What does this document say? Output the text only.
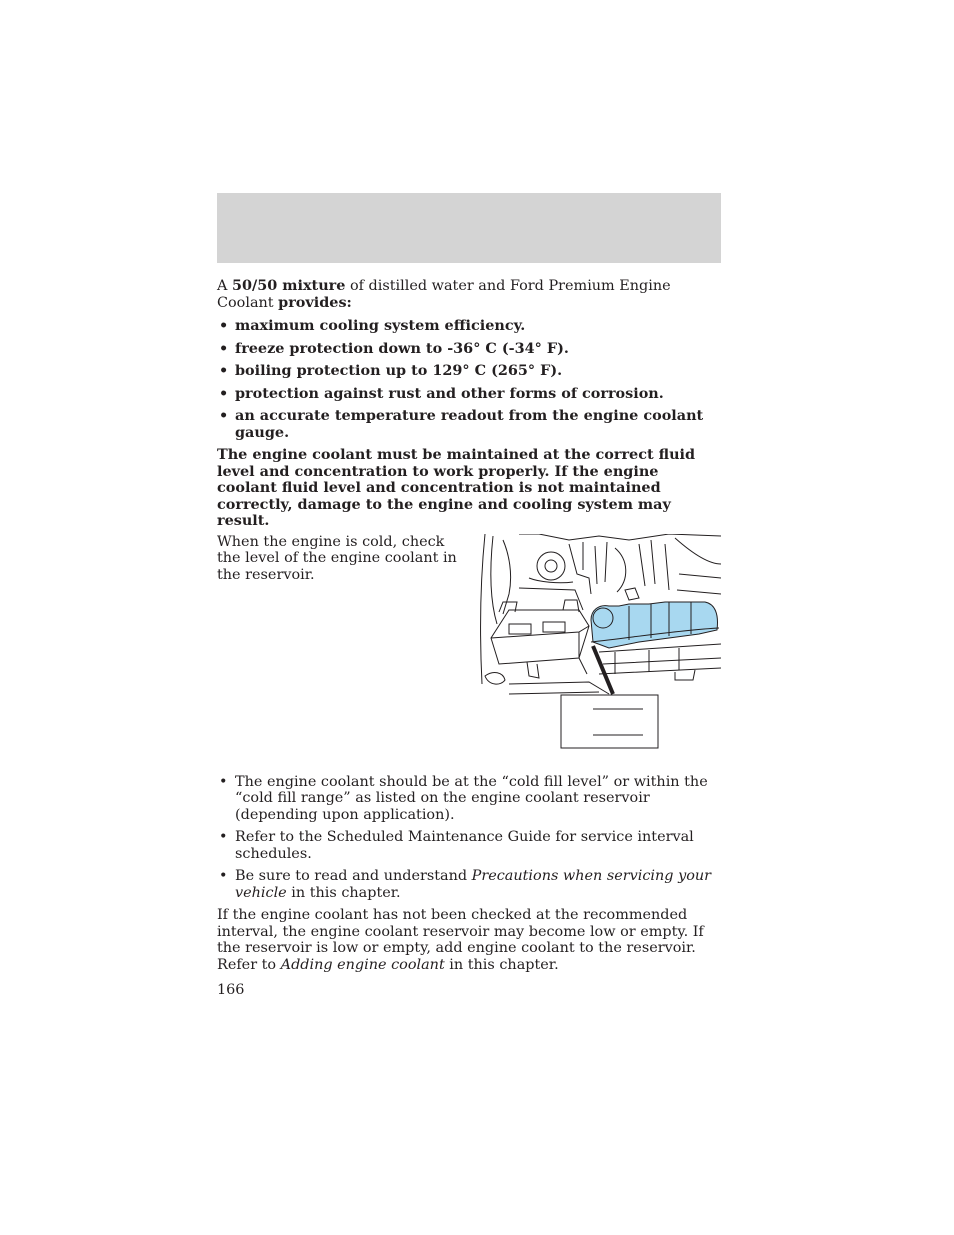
A 50/50 mixture of distilled water and Ford Premium Engine Coolant provides:

• maximum cooling system efficiency.
• freeze protection down to -36° C (-34° F).
• boiling protection up to 129° C (265° F).
• protection against rust and other forms of corrosion.
• an accurate temperature readout from the engine coolant gauge.

The engine coolant must be maintained at the correct fluid level and concentration to work properly. If the engine coolant fluid level and concentration is not maintained correctly, damage to the engine and cooling system may result.

When the engine is cold, check the level of the engine coolant in the reservoir.

• The engine coolant should be at the “cold fill level” or within the “cold fill range” as listed on the engine coolant reservoir (depending upon application).
• Refer to the Scheduled Maintenance Guide for service interval schedules.
• Be sure to read and understand Precautions when servicing your vehicle in this chapter.

If the engine coolant has not been checked at the recommended interval, the engine coolant reservoir may become low or empty. If the reservoir is low or empty, add engine coolant to the reservoir. Refer to Adding engine coolant in this chapter.

166
